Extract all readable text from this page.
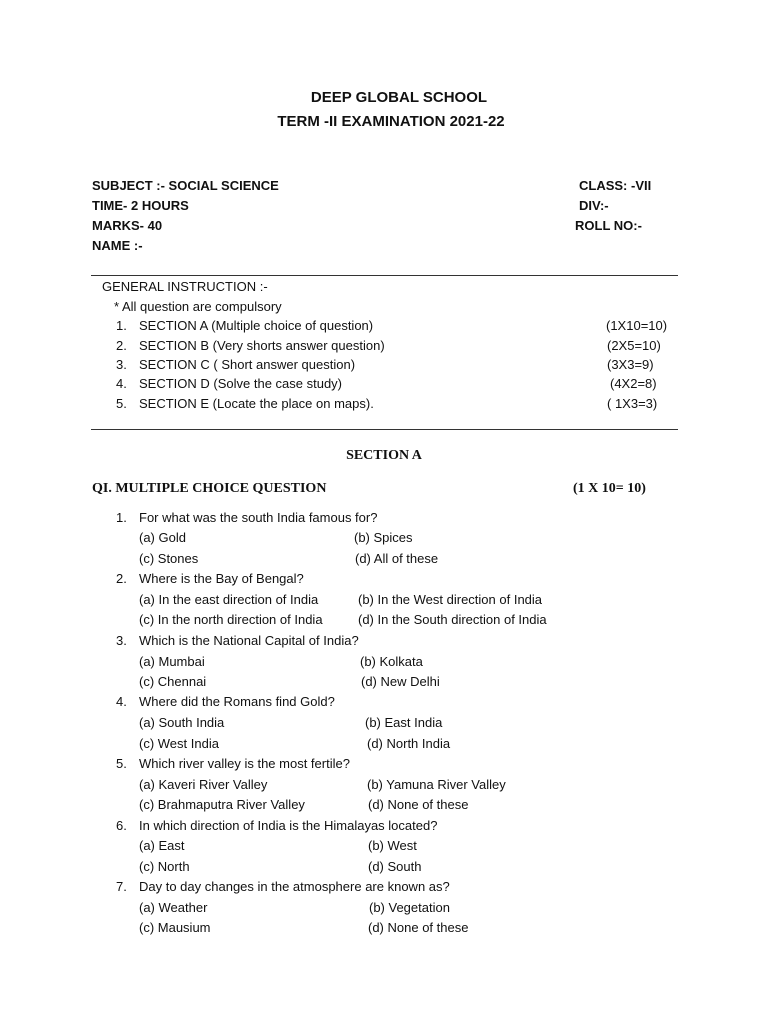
DEEP GLOBAL SCHOOL
TERM -II EXAMINATION 2021-22
SUBJECT :- SOCIAL SCIENCE	CLASS: -VII
TIME- 2 HOURS	DIV:-
MARKS- 40	ROLL NO:-
NAME :-
GENERAL INSTRUCTION :-
* All question are compulsory
1. SECTION A (Multiple choice of question)	(1X10=10)
2. SECTION B (Very shorts answer question)	(2X5=10)
3. SECTION C ( Short answer question)	(3X3=9)
4. SECTION D (Solve the case study)	(4X2=8)
5. SECTION E (Locate the place on maps).	( 1X3=3)
SECTION A
QI. MULTIPLE CHOICE QUESTION	(1 X 10= 10)
1. For what was the south India famous for?
(a) Gold	(b) Spices
(c) Stones	(d) All of these
2. Where is the Bay of Bengal?
(a) In the east direction of India	(b) In the West direction of India
(c) In the north direction of India	(d) In the South direction of India
3. Which is the National Capital of India?
(a) Mumbai	(b) Kolkata
(c) Chennai	(d) New Delhi
4. Where did the Romans find Gold?
(a) South India	(b) East India
(c) West India	(d) North India
5. Which river valley is the most fertile?
(a) Kaveri River Valley	(b) Yamuna River Valley
(c) Brahmaputra River Valley	(d) None of these
6. In which direction of India is the Himalayas located?
(a) East	(b) West
(c) North	(d) South
7. Day to day changes in the atmosphere are known as?
(a) Weather	(b) Vegetation
(c) Mausium	(d) None of these
